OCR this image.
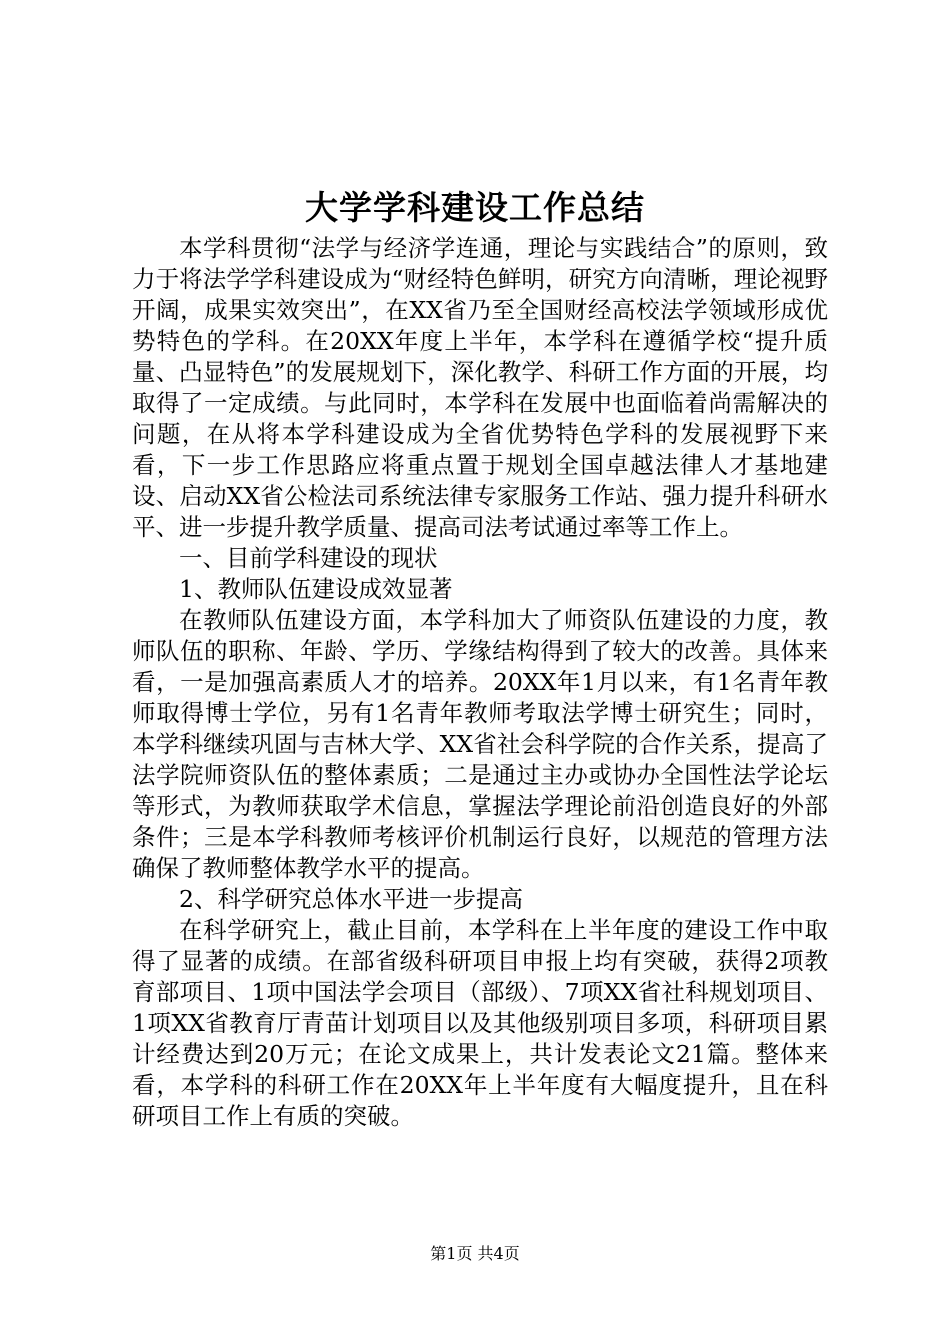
大学学科建设工作总结

本学科贯彻“法学与经济学连通，理论与实践结合”的原则，致力于将法学学科建设成为“财经特色鲜明，研究方向清晰，理论视野开阔，成果实效突出”，在XX省乃至全国财经高校法学领域形成优势特色的学科。在20XX年度上半年，本学科在遵循学校“提升质量、凸显特色”的发展规划下，深化教学、科研工作方面的开展，均取得了一定成绩。与此同时，本学科在发展中也面临着尚需解决的问题，在从将本学科建设成为全省优势特色学科的发展视野下来看，下一步工作思路应将重点置于规划全国卓越法律人才基地建设、启动XX省公检法司系统法律专家服务工作站、强力提升科研水平、进一步提升教学质量、提高司法考试通过率等工作上。

一、目前学科建设的现状

1、教师队伍建设成效显著

在教师队伍建设方面，本学科加大了师资队伍建设的力度，教师队伍的职称、年龄、学历、学缘结构得到了较大的改善。具体来看，一是加强高素质人才的培养。20XX年1月以来，有1名青年教师取得博士学位，另有1名青年教师考取法学博士研究生；同时，本学科继续巩固与吉林大学、XX省社会科学院的合作关系，提高了法学院师资队伍的整体素质；二是通过主办或协办全国性法学论坛等形式，为教师获取学术信息，掌握法学理论前沿创造良好的外部条件；三是本学科教师考核评价机制运行良好，以规范的管理方法确保了教师整体教学水平的提高。

2、科学研究总体水平进一步提高

在科学研究上，截止目前，本学科在上半年度的建设工作中取得了显著的成绩。在部省级科研项目申报上均有突破，获得2项教育部项目、1项中国法学会项目（部级）、7项XX省社科规划项目、1项XX省教育厅青苗计划项目以及其他级别项目多项，科研项目累计经费达到20万元；在论文成果上，共计发表论文21篇。整体来看，本学科的科研工作在20XX年上半年度有大幅度提升，且在科研项目工作上有质的突破。

第1页 共4页
